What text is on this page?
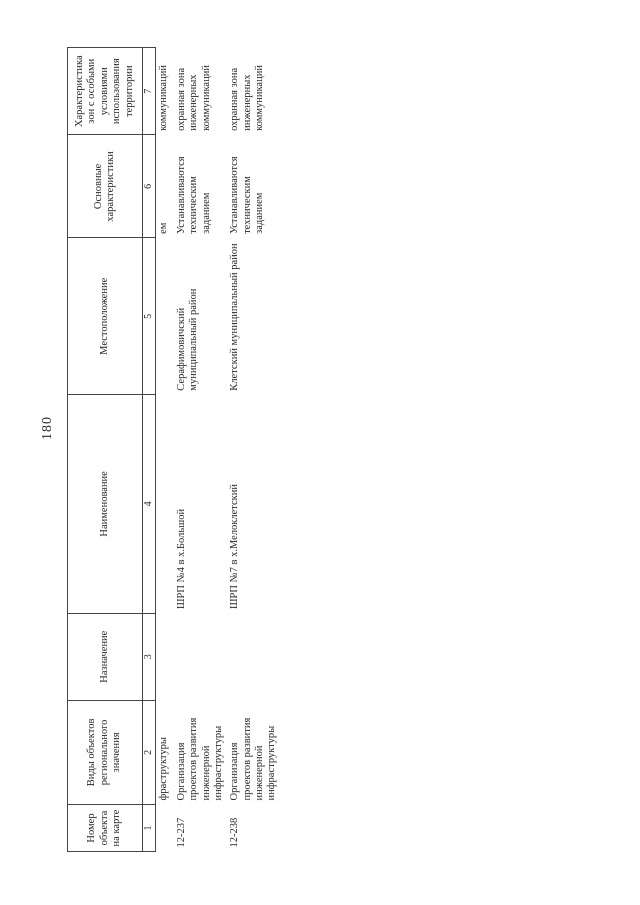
180
Номер объекта на карте	Виды объектов регионального значения	Назначение	Наименование	Местоположение	Основные характеристики	Характеристика зон с особыми условиями использования территории
1	2	3	4	5	6	7
	фраструктуры				ем	коммуникаций
12-237	Организация проектов развития инженерной инфраструктуры		ШРП №4 в х.Большой	Серафимовичский муниципальный район	Устанавливаются техническим заданием	охранная зона инженерных коммуникаций
12-238	Организация проектов развития инженерной инфраструктуры		ШРП №7 в х.Мелоклетский	Клетский муниципальный район	Устанавливаются техническим заданием	охранная зона инженерных коммуникаций
